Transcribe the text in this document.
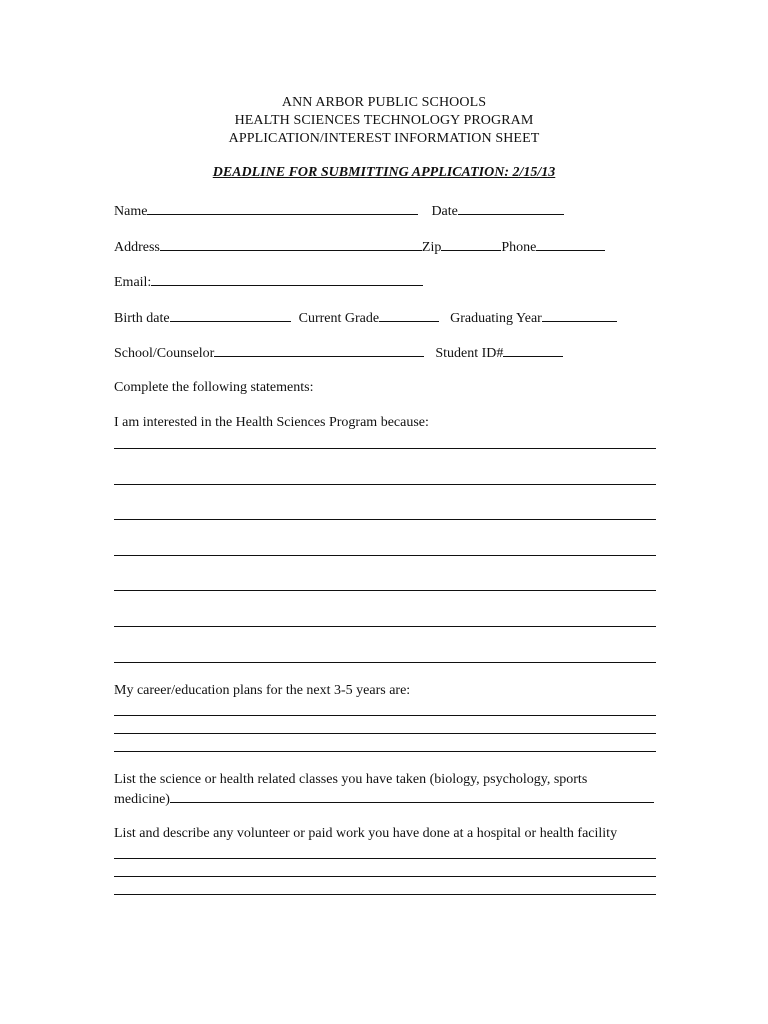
ANN ARBOR PUBLIC SCHOOLS
HEALTH SCIENCES TECHNOLOGY PROGRAM
APPLICATION/INTEREST INFORMATION SHEET
DEADLINE FOR SUBMITTING APPLICATION: 2/15/13
Name	Date
Address	Zip	Phone
Email:
Birth date	Current Grade	Graduating Year
School/Counselor	Student ID#
Complete the following statements:
I am interested in the Health Sciences Program because:
My career/education plans for the next 3-5 years are:
List the science or health related classes you have taken (biology, psychology, sports
medicine)
List and describe any volunteer or paid work you have done at a hospital or health facility
